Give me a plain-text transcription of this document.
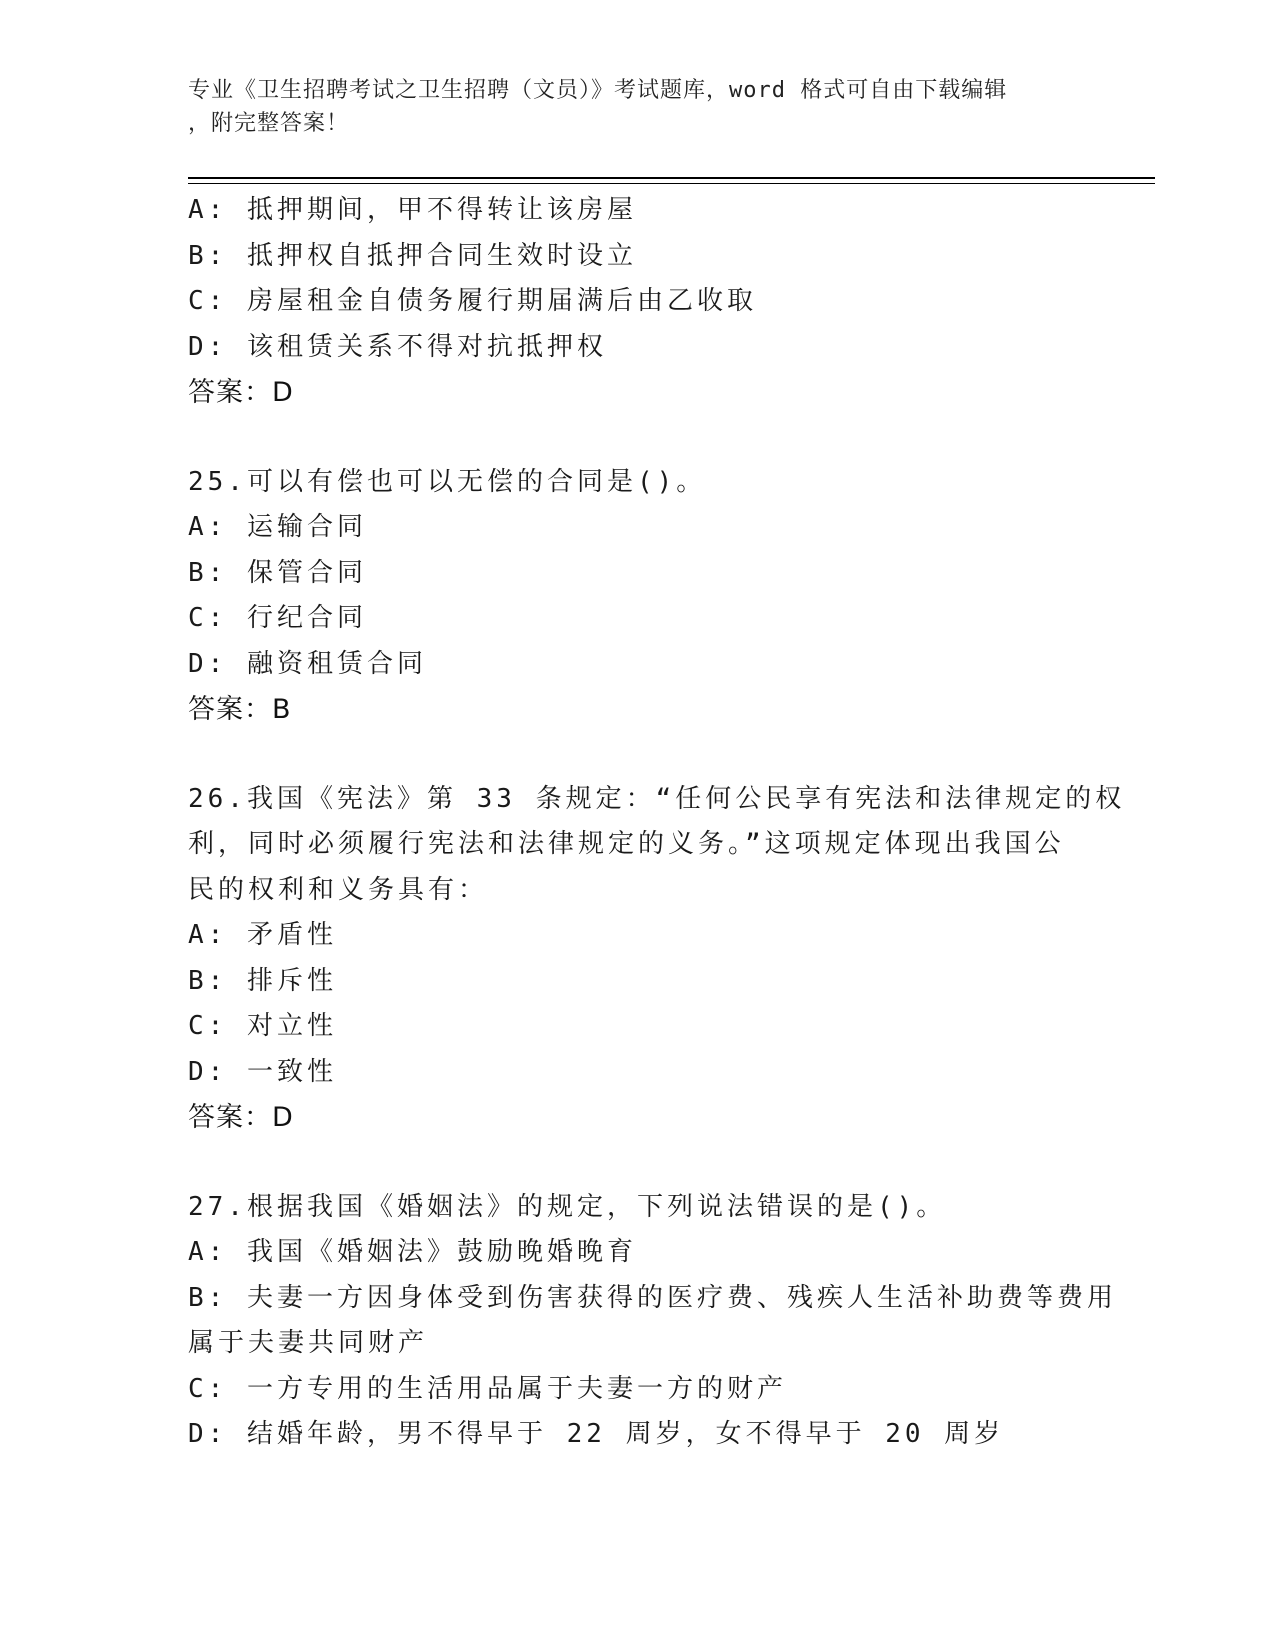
专业《卫生招聘考试之卫生招聘（文员）》考试题库，word 格式可自由下载编辑
，附完整答案！
A: 抵押期间，甲不得转让该房屋
B: 抵押权自抵押合同生效时设立
C: 房屋租金自债务履行期届满后由乙收取
D: 该租赁关系不得对抗抵押权
答案：D
25.可以有偿也可以无偿的合同是()。
A: 运输合同
B: 保管合同
C: 行纪合同
D: 融资租赁合同
答案：B
26.我国《宪法》第 33 条规定：“任何公民享有宪法和法律规定的权
利，同时必须履行宪法和法律规定的义务。”这项规定体现出我国公
民的权利和义务具有：
A: 矛盾性
B: 排斥性
C: 对立性
D: 一致性
答案：D
27.根据我国《婚姻法》的规定，下列说法错误的是()。
A: 我国《婚姻法》鼓励晚婚晚育
B: 夫妻一方因身体受到伤害获得的医疗费、残疾人生活补助费等费用
属于夫妻共同财产
C: 一方专用的生活用品属于夫妻一方的财产
D: 结婚年龄，男不得早于 22 周岁，女不得早于 20 周岁
